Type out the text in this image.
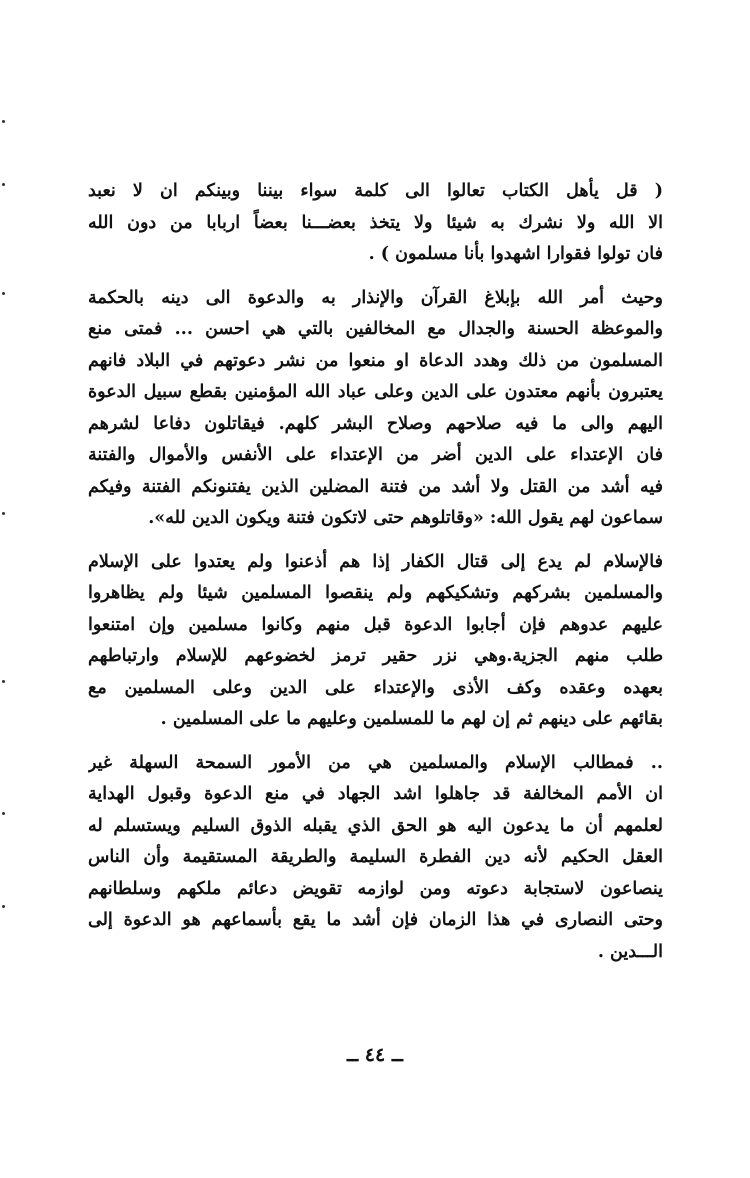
( قل يأهل الكتاب تعالوا الى كلمة سواء بيننا وبينكم ان لا نعبد
الا الله ولا نشرك به شيئا ولا يتخذ بعضـــنا بعضاً اربابا من دون الله
فان تولوا فقوارا اشهدوا بأنا مسلمون ) .

وحيث أمر الله بإبلاغ القرآن والإنذار به والدعوة الى دينه بالحكمة
والموعظة الحسنة والجدال مع المخالفين بالتي هي احسن ... فمتى منع
المسلمون من ذلك وهدد الدعاة او منعوا من نشر دعوتهم في البلاد فانهم
يعتبرون بأنهم معتدون على الدين وعلى عباد الله المؤمنين بقطع سبيل الدعوة
اليهم والى ما فيه صلاحهم وصلاح البشر كلهم. فيقاتلون دفاعا لشرهم
فان الإعتداء على الدين أضر من الإعتداء على الأنفس والأموال والفتنة
فيه أشد من القتل ولا أشد من فتنة المضلين الذين يفتنونكم الفتنة وفيكم
سماعون لهم يقول الله: «وقاتلوهم حتى لاتكون فتنة ويكون الدين لله».

فالإسلام لم يدع إلى قتال الكفار إذا هم أذعنوا ولم يعتدوا على الإسلام
والمسلمين بشركهم وتشكيكهم ولم ينقصوا المسلمين شيئا ولم يظاهروا
عليهم عدوهم فإن أجابوا الدعوة قبل منهم وكانوا مسلمين وإن امتنعوا
طلب منهم الجزية.وهي نزر حقير ترمز لخضوعهم للإسلام وارتباطهم
بعهده وعقده وكف الأذى والإعتداء على الدين وعلى المسلمين مع
بقائهم على دينهم ثم إن لهم ما للمسلمين وعليهم ما على المسلمين .

.. فمطالب الإسلام والمسلمين هي من الأمور السمحة السهلة غير
ان الأمم المخالفة قد جاهلوا اشد الجهاد في منع الدعوة وقبول الهداية
لعلمهم أن ما يدعون اليه هو الحق الذي يقبله الذوق السليم ويستسلم له
العقل الحكيم لأنه دين الفطرة السليمة والطريقة المستقيمة وأن الناس
ينصاعون لاستجابة دعوته ومن لوازمه تقويض دعائم ملكهم وسلطانهم
وحتى النصارى في هذا الزمان فإن أشد ما يقع بأسماعهم هو الدعوة إلى
الـــدين .

ــ ٤٤ ــ
